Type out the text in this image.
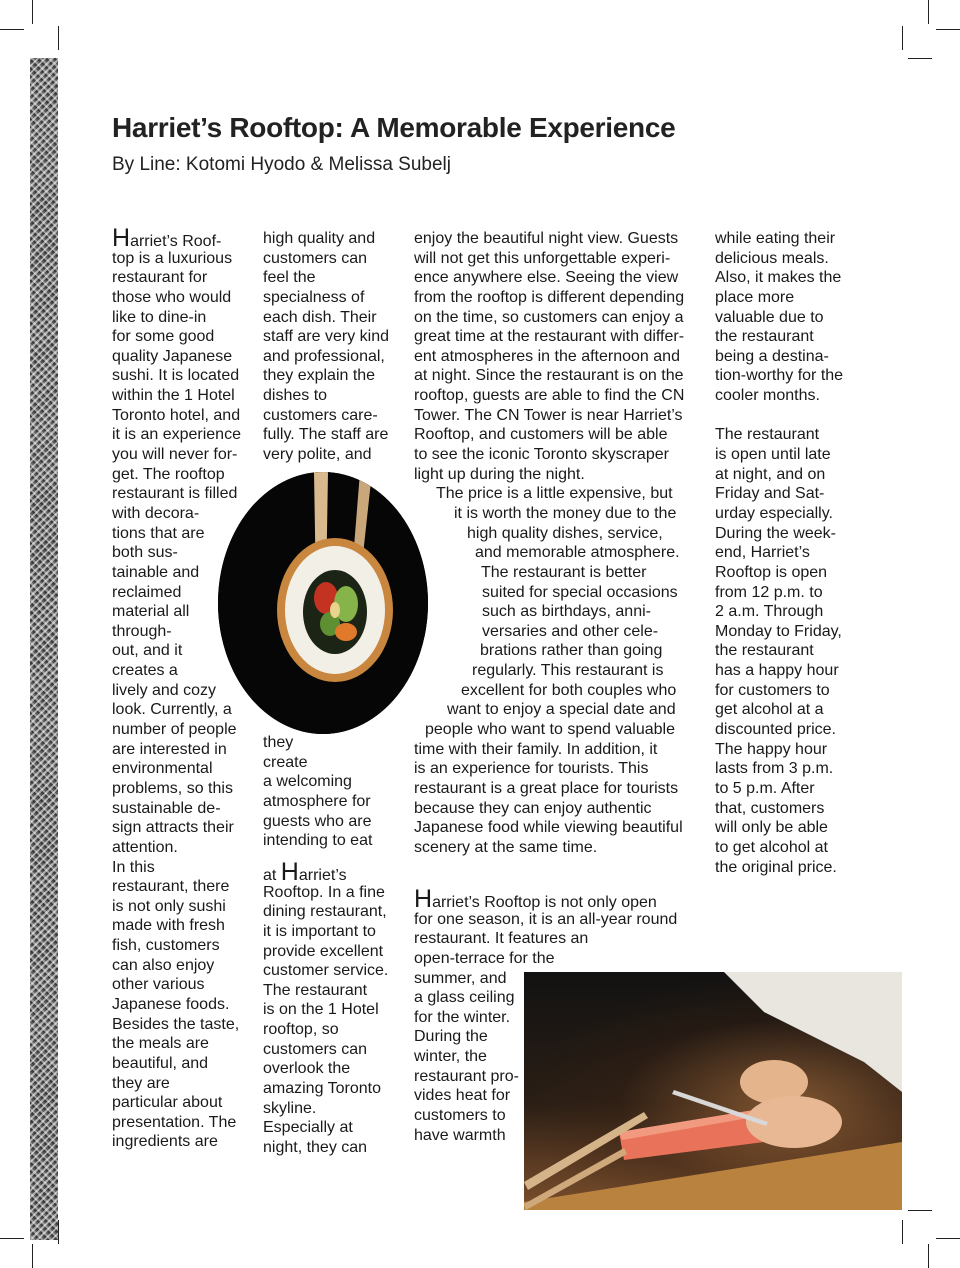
Harriet’s Rooftop: A Memorable Experience

By Line: Kotomi Hyodo & Melissa Subelj

Harriet’s Roof-
top is a luxurious
restaurant for
those who would
like to dine-in
for some good
quality Japanese
sushi. It is located
within the 1 Hotel
Toronto hotel, and
it is an experience
you will never for-
get. The rooftop
restaurant is filled
with decora-
tions that are
both sus-
tainable and
reclaimed
material all
through-
out, and it
creates a
lively and cozy
look. Currently, a
number of people
are interested in
environmental
problems, so this
sustainable de-
sign attracts their
attention.
In this
restaurant, there
is not only sushi
made with fresh
fish, customers
can also enjoy
other various
Japanese foods.
Besides the taste,
the meals are
beautiful, and
they are
particular about
presentation. The
ingredients are
high quality and
customers can
feel the
specialness of
each dish. Their
staff are very kind
and professional,
they explain the
dishes to
customers care-
fully. The staff are
very polite, and
they
create
a welcoming
atmosphere for
guests who are
intending to eat
at Harriet’s
Rooftop. In a fine
dining restaurant,
it is important to
provide excellent
customer service.
The restaurant
is on the 1 Hotel
rooftop, so
customers can
overlook the
amazing Toronto
skyline.
Especially at
night, they can
enjoy the beautiful night view. Guests
will not get this unforgettable experi-
ence anywhere else. Seeing the view
from the rooftop is different depending
on the time, so customers can enjoy a
great time at the restaurant with differ-
ent atmospheres in the afternoon and
at night. Since the restaurant is on the
rooftop, guests are able to find the CN
Tower. The CN Tower is near Harriet’s
Rooftop, and customers will be able
to see the iconic Toronto skyscraper
light up during the night.
The price is a little expensive, but
it is worth the money due to the
high quality dishes, service,
and memorable atmosphere.
The restaurant is better
suited for special occasions
such as birthdays, anni-
versaries and other cele-
brations rather than going
regularly. This restaurant is
excellent for both couples who
want to enjoy a special date and
people who want to spend valuable
time with their family. In addition, it
is an experience for tourists. This
restaurant is a great place for tourists
because they can enjoy authentic
Japanese food while viewing beautiful
scenery at the same time.
Harriet’s Rooftop is not only open
for one season, it is an all-year round
restaurant. It features an
open-terrace for the
summer, and
a glass ceiling
for the winter.
During the
winter, the
restaurant pro-
vides heat for
customers to
have warmth
while eating their
delicious meals.
Also, it makes the
place more
valuable due to
the restaurant
being a destina-
tion-worthy for the
cooler months.
The restaurant
is open until late
at night, and on
Friday and Sat-
urday especially.
During the week-
end, Harriet’s
Rooftop is open
from 12 p.m. to
2 a.m. Through
Monday to Friday,
the restaurant
has a happy hour
for customers to
get alcohol at a
discounted price.
The happy hour
lasts from 3 p.m.
to 5 p.m. After
that, customers
will only be able
to get alcohol at
the original price.
